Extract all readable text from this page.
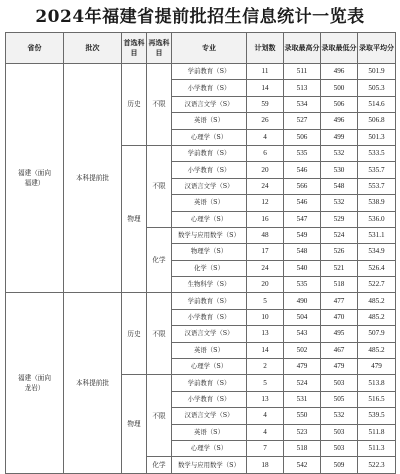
2024年福建省提前批招生信息统计一览表
省份	批次	首选科目	再选科目	专业	计划数	录取最高分	录取最低分	录取平均分
福建（面向福建）	本科提前批	历史	不限	学前教育（S）	11	511	496	501.9
				小学教育（S）	14	513	500	505.3
				汉语言文学（S）	59	534	506	514.6
				英语（S）	26	527	496	506.8
				心理学（S）	4	506	499	501.3
		物理	不限	学前教育（S）	6	535	532	533.5
				小学教育（S）	20	546	530	535.7
				汉语言文学（S）	24	566	548	553.7
				英语（S）	12	546	532	538.9
				心理学（S）	16	547	529	536.0
			化学	数学与应用数学（S）	48	549	524	531.1
				物理学（S）	17	548	526	534.9
				化学（S）	24	540	521	526.4
				生物科学（S）	20	535	518	522.7
福建（面向龙岩）	本科提前批	历史	不限	学前教育（S）	5	490	477	485.2
				小学教育（S）	10	504	470	485.2
				汉语言文学（S）	13	543	495	507.9
				英语（S）	14	502	467	485.2
				心理学（S）	2	479	479	479
		物理	不限	学前教育（S）	5	524	503	513.8
				小学教育（S）	13	531	505	516.5
				汉语言文学（S）	4	550	532	539.5
				英语（S）	4	523	503	511.8
				心理学（S）	7	518	503	511.3
			化学	数学与应用数学（S）	18	542	509	522.3
